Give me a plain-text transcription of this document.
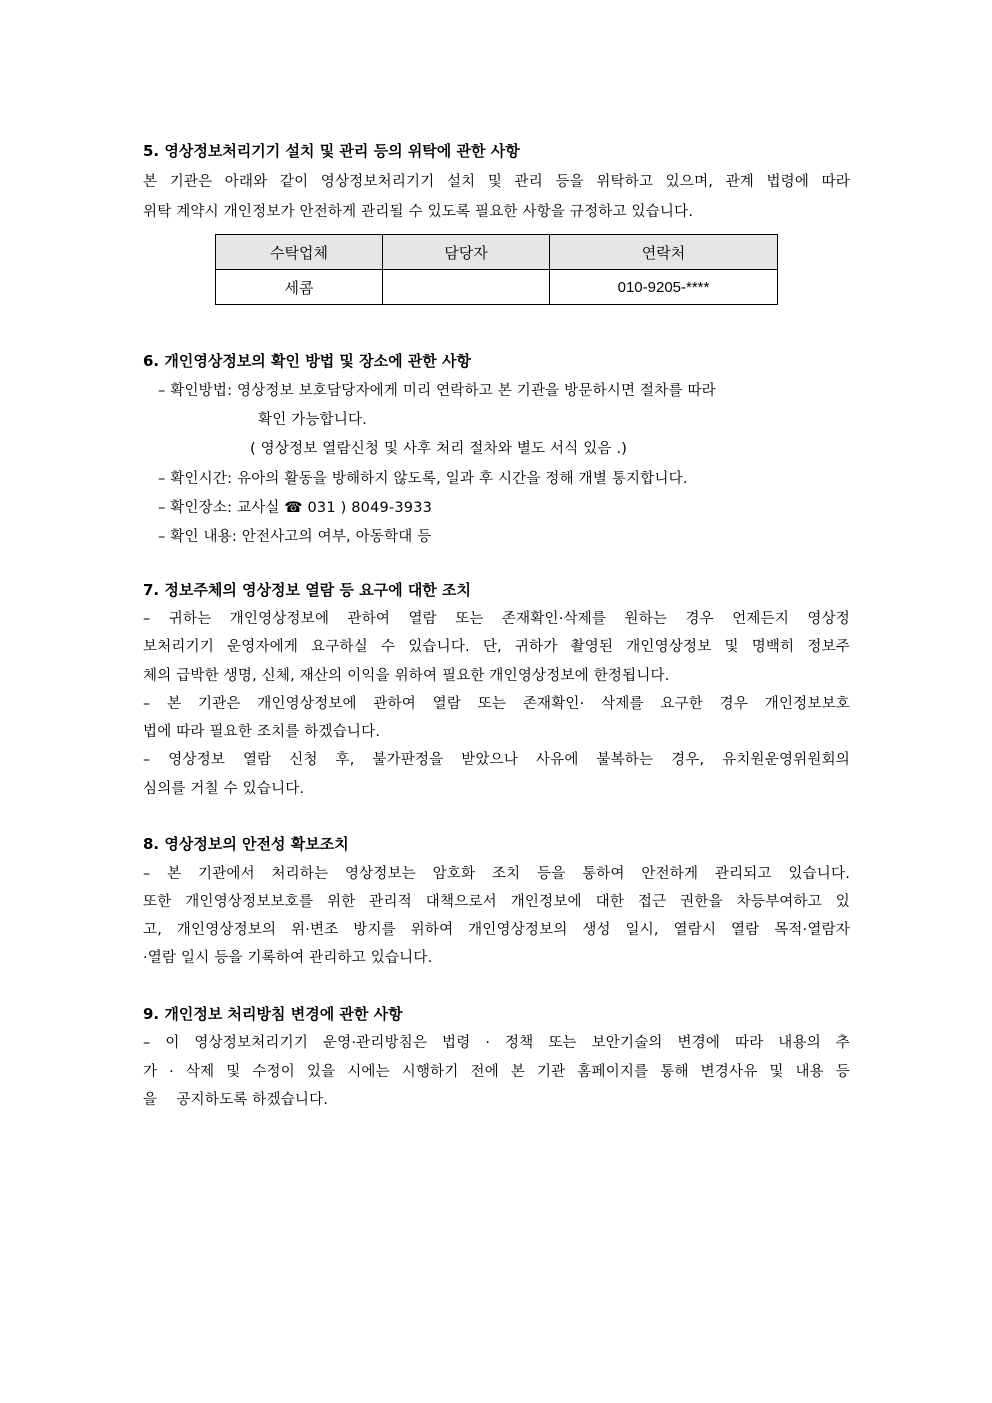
5. 영상정보처리기기 설치 및 관리 등의 위탁에 관한 사항
본 기관은 아래와 같이 영상정보처리기기 설치 및 관리 등을 위탁하고 있으며, 관계 법령에 따라
위탁 계약시 개인정보가 안전하게 관리될 수 있도록 필요한 사항을 규정하고 있습니다.
수탁업체	담당자	연락처
세콤		010-9205-****
6. 개인영상정보의 확인 방법 및 장소에 관한 사항
– 확인방법: 영상정보 보호담당자에게 미리 연락하고 본 기관을 방문하시면 절차를 따라
확인 가능합니다.
( 영상정보 열람신청 및 사후 처리 절차와 별도 서식 있음 .)
– 확인시간: 유아의 활동을 방해하지 않도록, 일과 후 시간을 정해 개별 통지합니다.
– 확인장소: 교사실 ☎ 031 ) 8049-3933
– 확인 내용: 안전사고의 여부, 아동학대 등
7. 정보주체의 영상정보 열람 등 요구에 대한 조치
– 귀하는 개인영상정보에 관하여 열람 또는 존재확인·삭제를 원하는 경우 언제든지 영상정
보처리기기 운영자에게 요구하실 수 있습니다. 단, 귀하가 촬영된 개인영상정보 및 명백히 정보주
체의 급박한 생명, 신체, 재산의 이익을 위하여 필요한 개인영상정보에 한정됩니다.
– 본 기관은 개인영상정보에 관하여 열람 또는 존재확인· 삭제를 요구한 경우 개인정보보호
법에 따라 필요한 조치를 하겠습니다.
– 영상정보 열람 신청 후, 불가판정을 받았으나 사유에 불복하는 경우, 유치원운영위원회의
심의를 거칠 수 있습니다.
8. 영상정보의 안전성 확보조치
– 본 기관에서 처리하는 영상정보는 암호화 조치 등을 통하여 안전하게 관리되고 있습니다.
또한 개인영상정보보호를 위한 관리적 대책으로서 개인정보에 대한 접근 권한을 차등부여하고 있
고, 개인영상정보의 위·변조 방지를 위하여 개인영상정보의 생성 일시, 열람시 열람 목적·열람자
·열람 일시 등을 기록하여 관리하고 있습니다.
9. 개인정보 처리방침 변경에 관한 사항
– 이 영상정보처리기기 운영·관리방침은 법령 · 정책 또는 보안기술의 변경에 따라 내용의 추
가 · 삭제 및 수정이 있을 시에는 시행하기 전에 본 기관 홈페이지를 통해 변경사유 및 내용 등
을    공지하도록 하겠습니다.
